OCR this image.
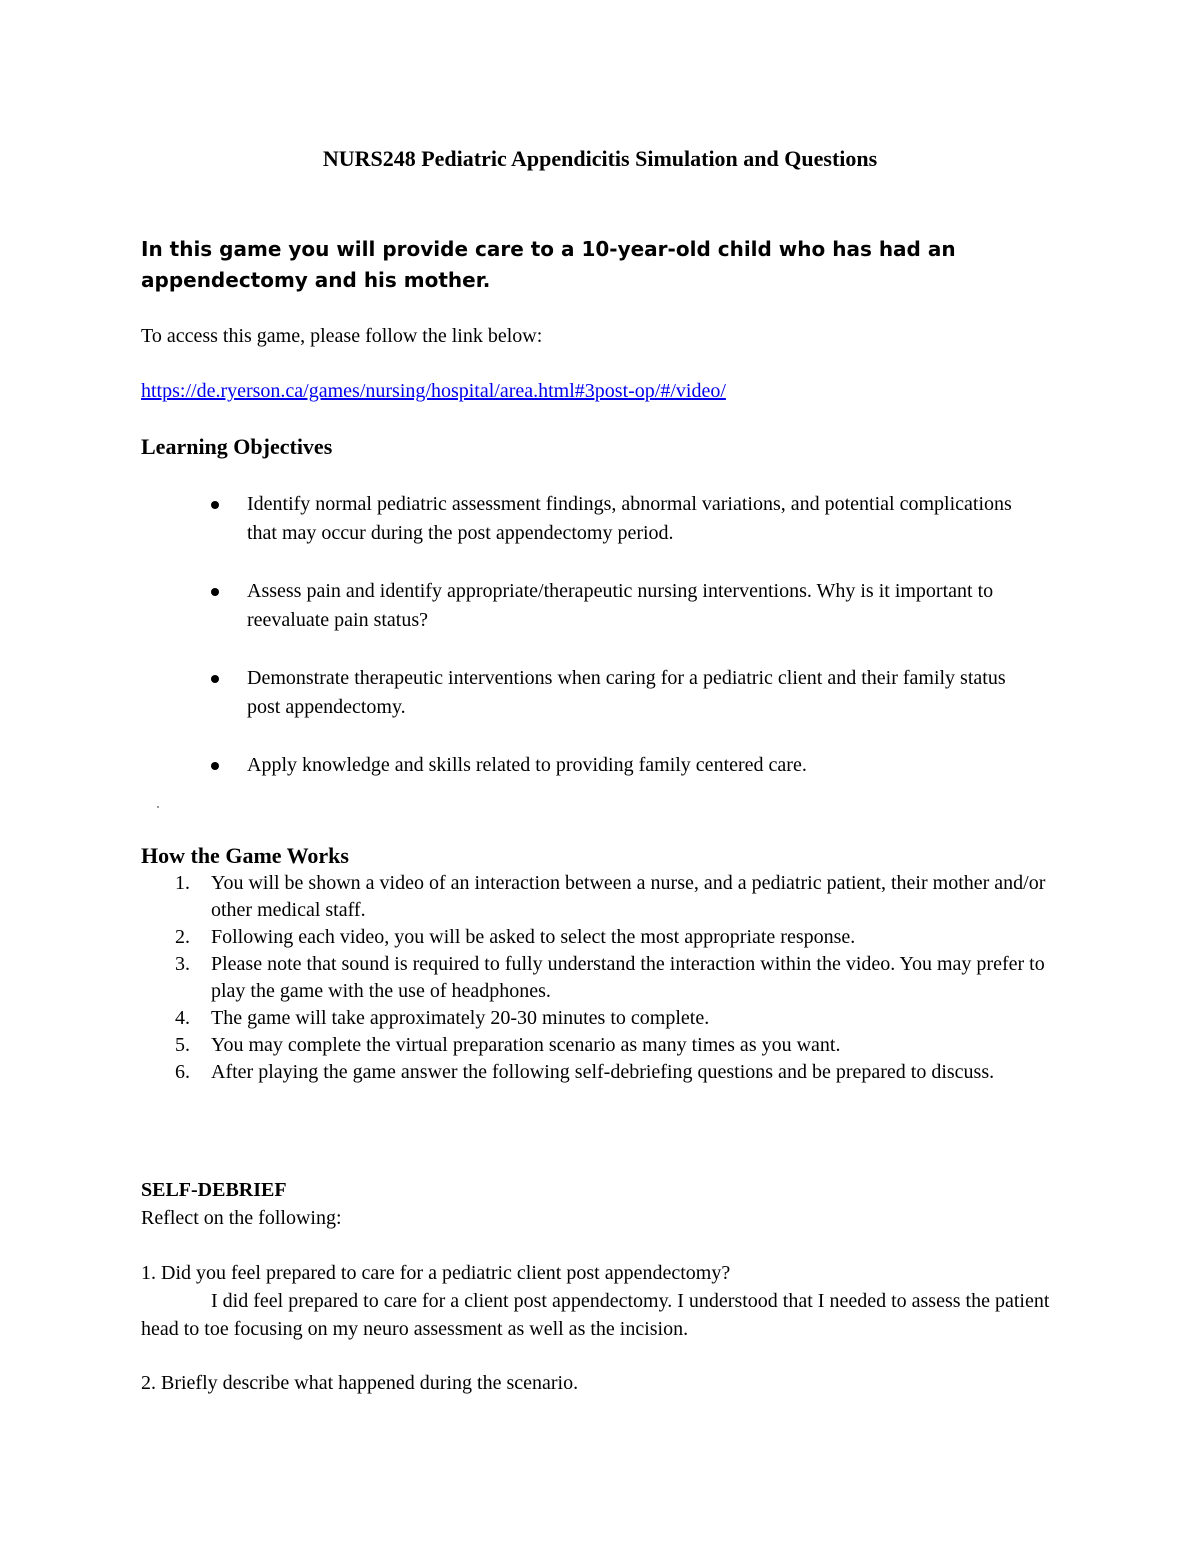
NURS248 Pediatric Appendicitis Simulation and Questions

In this game you will provide care to a 10-year-old child who has had an appendectomy and his mother.

To access this game, please follow the link below:

https://de.ryerson.ca/games/nursing/hospital/area.html#3post-op/#/video/
Learning Objectives
Identify normal pediatric assessment findings, abnormal variations, and potential complications that may occur during the post appendectomy period.
Assess pain and identify appropriate/therapeutic nursing interventions. Why is it important to reevaluate pain status?
Demonstrate therapeutic interventions when caring for a pediatric client and their family status post appendectomy.
Apply knowledge and skills related to providing family centered care.
How the Game Works
1. You will be shown a video of an interaction between a nurse, and a pediatric patient, their mother and/or other medical staff.
2. Following each video, you will be asked to select the most appropriate response.
3. Please note that sound is required to fully understand the interaction within the video. You may prefer to play the game with the use of headphones.
4. The game will take approximately 20-30 minutes to complete.
5. You may complete the virtual preparation scenario as many times as you want.
6. After playing the game answer the following self-debriefing questions and be prepared to discuss.
SELF-DEBRIEF

Reflect on the following:

1. Did you feel prepared to care for a pediatric client post appendectomy?

I did feel prepared to care for a client post appendectomy. I understood that I needed to assess the patient head to toe focusing on my neuro assessment as well as the incision.

2. Briefly describe what happened during the scenario.
